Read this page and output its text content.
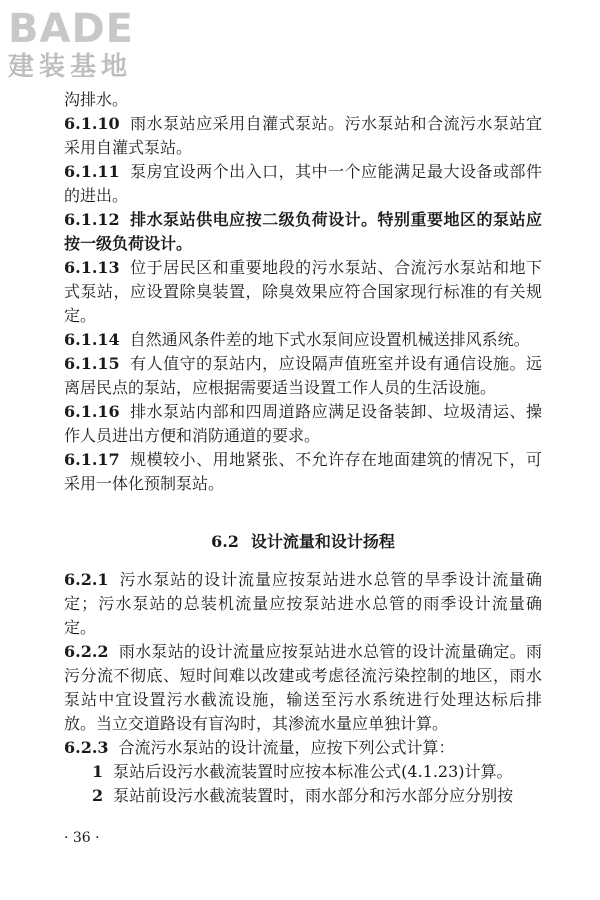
BADE
建装基地

沟排水。

6.1.10 雨水泵站应采用自灌式泵站。污水泵站和合流污水泵站宜采用自灌式泵站。

6.1.11 泵房宜设两个出入口，其中一个应能满足最大设备或部件的进出。

6.1.12 排水泵站供电应按二级负荷设计。特别重要地区的泵站应按一级负荷设计。

6.1.13 位于居民区和重要地段的污水泵站、合流污水泵站和地下式泵站，应设置除臭装置，除臭效果应符合国家现行标准的有关规定。

6.1.14 自然通风条件差的地下式水泵间应设置机械送排风系统。

6.1.15 有人值守的泵站内，应设隔声值班室并设有通信设施。远离居民点的泵站，应根据需要适当设置工作人员的生活设施。

6.1.16 排水泵站内部和四周道路应满足设备装卸、垃圾清运、操作人员进出方便和消防通道的要求。

6.1.17 规模较小、用地紧张、不允许存在地面建筑的情况下，可采用一体化预制泵站。

6.2 设计流量和设计扬程

6.2.1 污水泵站的设计流量应按泵站进水总管的旱季设计流量确定；污水泵站的总装机流量应按泵站进水总管的雨季设计流量确定。

6.2.2 雨水泵站的设计流量应按泵站进水总管的设计流量确定。雨污分流不彻底、短时间难以改建或考虑径流污染控制的地区，雨水泵站中宜设置污水截流设施，输送至污水系统进行处理达标后排放。当立交道路设有盲沟时，其渗流水量应单独计算。

6.2.3 合流污水泵站的设计流量，应按下列公式计算：

1 泵站后设污水截流装置时应按本标准公式(4.1.23)计算。

2 泵站前设污水截流装置时，雨水部分和污水部分应分别按

· 36 ·
